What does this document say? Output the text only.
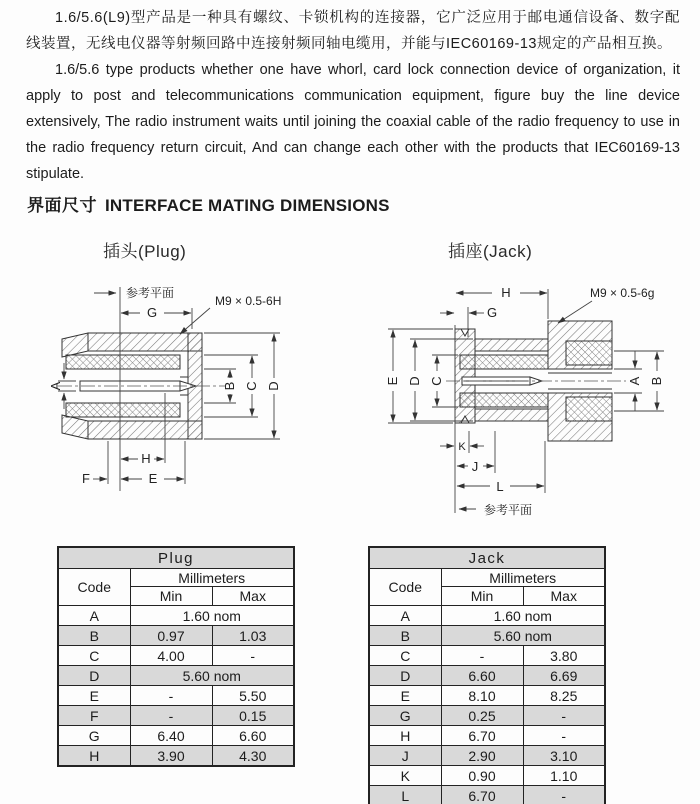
1.6/5.6(L9)型产品是一种具有螺纹、卡锁机构的连接器，它广泛应用于邮电通信设备、数字配线装置，无线电仪器等射频回路中连接射频同轴电缆用，并能与IEC60169-13规定的产品相互换。

1.6/5.6 type products whether one have whorl, card lock connection device of organization, it apply to post and telecommunications communication equipment, figure buy the line device extensively, The radio instrument waits until joining the coaxial cable of the radio frequency to use in the radio frequency return circuit, And can change each other with the products that IEC60169-13 stipulate.

界面尺寸 INTERFACE MATING DIMENSIONS
插头(Plug)	插座(Jack)
参考平面
G
M9 × 0.5-6H
A	B C D
H
F	E
H
G
M9 × 0.5-6g
E D C	A B
K
J
L
参考平面
Plug		
Code	Millimeters	
	Min	Max
A	1.60 nom	
B	0.97	1.03
C	4.00	-
D	5.60 nom	
E	-	5.50
F	-	0.15
G	6.40	6.60
H	3.90	4.30
Jack		
Code	Millimeters	
	Min	Max
A	1.60 nom	
B	5.60 nom	
C	-	3.80
D	6.60	6.69
E	8.10	8.25
G	0.25	-
H	6.70	-
J	2.90	3.10
K	0.90	1.10
L	6.70	-
